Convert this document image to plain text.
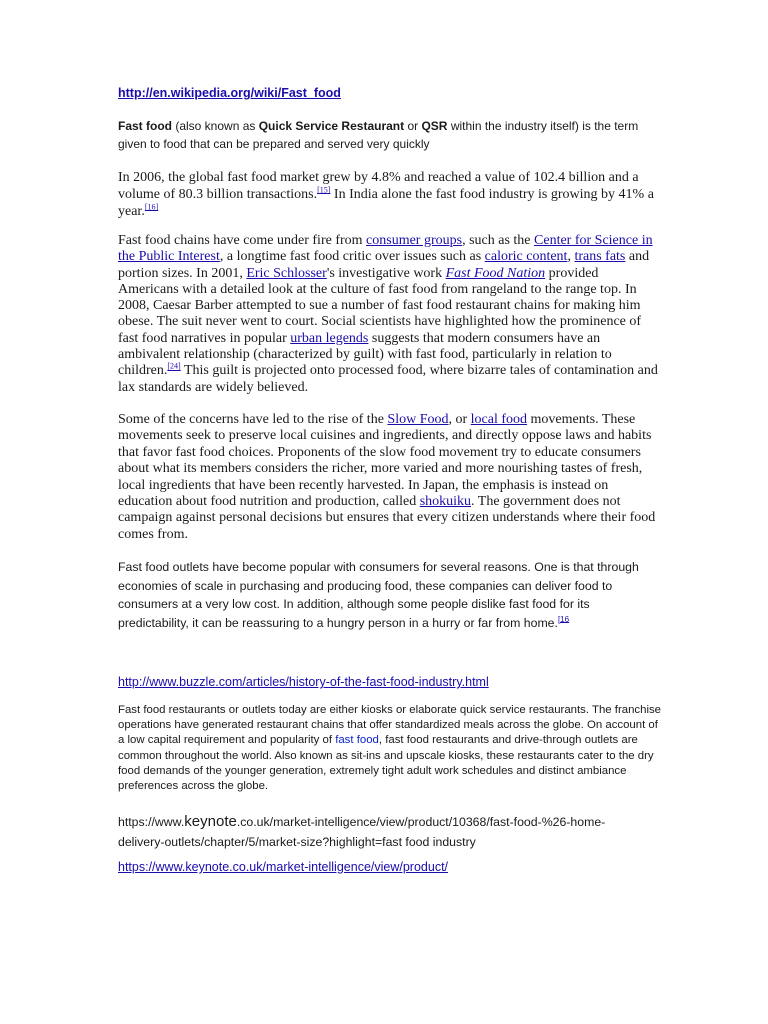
http://en.wikipedia.org/wiki/Fast_food

Fast food (also known as Quick Service Restaurant or QSR within the industry itself) is the term given to food that can be prepared and served very quickly

In 2006, the global fast food market grew by 4.8% and reached a value of 102.4 billion and a volume of 80.3 billion transactions.[15] In India alone the fast food industry is growing by 41% a year.[16]

Fast food chains have come under fire from consumer groups, such as the Center for Science in the Public Interest, a longtime fast food critic over issues such as caloric content, trans fats and portion sizes. In 2001, Eric Schlosser's investigative work Fast Food Nation provided Americans with a detailed look at the culture of fast food from rangeland to the range top. In 2008, Caesar Barber attempted to sue a number of fast food restaurant chains for making him obese. The suit never went to court. Social scientists have highlighted how the prominence of fast food narratives in popular urban legends suggests that modern consumers have an ambivalent relationship (characterized by guilt) with fast food, particularly in relation to children.[24] This guilt is projected onto processed food, where bizarre tales of contamination and lax standards are widely believed.

Some of the concerns have led to the rise of the Slow Food, or local food movements. These movements seek to preserve local cuisines and ingredients, and directly oppose laws and habits that favor fast food choices. Proponents of the slow food movement try to educate consumers about what its members considers the richer, more varied and more nourishing tastes of fresh, local ingredients that have been recently harvested. In Japan, the emphasis is instead on education about food nutrition and production, called shokuiku. The government does not campaign against personal decisions but ensures that every citizen understands where their food comes from.

Fast food outlets have become popular with consumers for several reasons. One is that through economies of scale in purchasing and producing food, these companies can deliver food to consumers at a very low cost. In addition, although some people dislike fast food for its predictability, it can be reassuring to a hungry person in a hurry or far from home.$^{[16}$

http://www.buzzle.com/articles/history-of-the-fast-food-industry.html

Fast food restaurants or outlets today are either kiosks or elaborate quick service restaurants. The franchise operations have generated restaurant chains that offer standardized meals across the globe. On account of a low capital requirement and popularity of fast food, fast food restaurants and drive-through outlets are common throughout the world. Also known as sit-ins and upscale kiosks, these restaurants cater to the dry food demands of the younger generation, extremely tight adult work schedules and distinct ambiance preferences across the globe.

https://www.keynote.co.uk/market-intelligence/view/product/10368/fast-food-%26-home-delivery-outlets/chapter/5/market-size?highlight=fast food industry

https://www.keynote.co.uk/market-intelligence/view/product/
